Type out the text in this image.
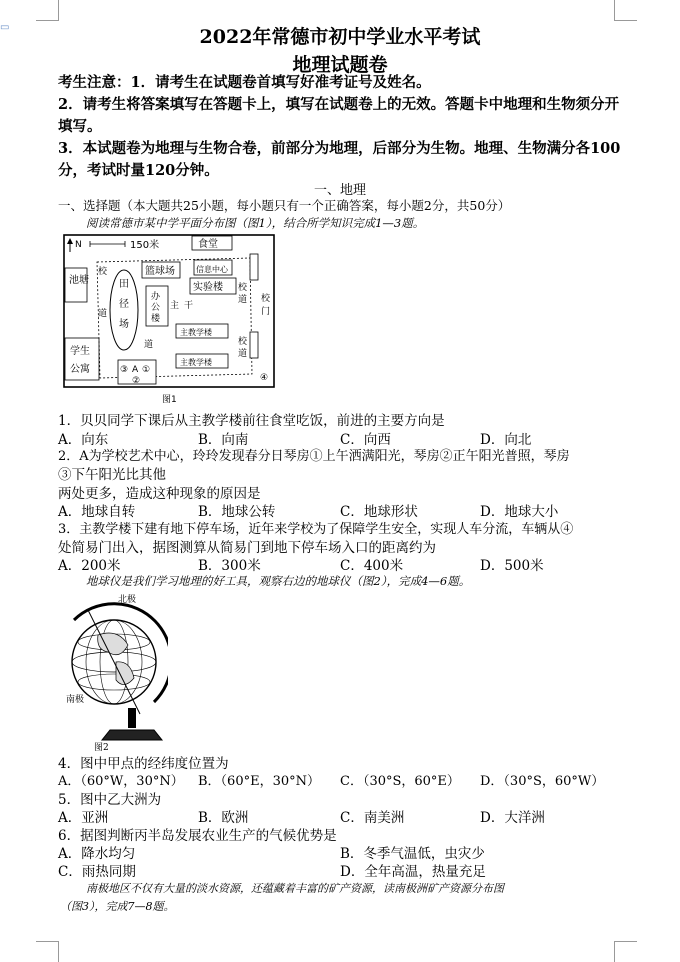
▭	2022年常德市初中学业水平考试
地理试题卷
考生注意：1．请考生在试题卷首填写好准考证号及姓名。
2．请考生将答案填写在答题卡上，填写在试题卷上的无效。答题卡中地理和生物须分开填写。
3．本试题卷为地理与生物合卷，前部分为地理，后部分为生物。地理、生物满分各100分，考试时量120分钟。
一、地理
一、选择题（本大题共25小题，每小题只有一个正确答案，每小题2分，共50分）
阅读常德市某中学平面分布图（图1），结合所学知识完成1—3题。
N	150米	食堂
池塘
学生
公寓
田
径
场
篮球场	信息中心
实验楼
办
公
楼
主教学楼
主教学楼
校
门
校
道
校
道
校
道
道
主 干
③ A ①
②	④
图1
1．贝贝同学下课后从主教学楼前往食堂吃饭，前进的主要方向是
A．向东	B．向南	C．向西	D．向北
2．A为学校艺术中心，玲玲发现春分日琴房①上午洒满阳光，琴房②正午阳光普照，琴房
③下午阳光比其他
两处更多，造成这种现象的原因是
A．地球自转	B．地球公转	C．地球形状	D．地球大小
3．主教学楼下建有地下停车场，近年来学校为了保障学生安全，实现人车分流，车辆从④
处简易门出入，据图测算从简易门到地下停车场入口的距离约为
A．200米	B．300米	C．400米	D．500米
地球仪是我们学习地理的好工具，观察右边的地球仪（图2），完成4—6题。
北极
南极
图2
4．图中甲点的经纬度位置为
A．（60°W，30°N） B．（60°E，30°N） C．（30°S，60°E） D．（30°S，60°W）
5．图中乙大洲为
A．亚洲	B．欧洲	C．南美洲	D．大洋洲
6．据图判断丙半岛发展农业生产的气候优势是
A．降水均匀	B．冬季气温低，虫灾少
C．雨热同期	D．全年高温，热量充足
南极地区不仅有大量的淡水资源，还蕴藏着丰富的矿产资源，读南极洲矿产资源分布图
（图3），完成7—8题。
